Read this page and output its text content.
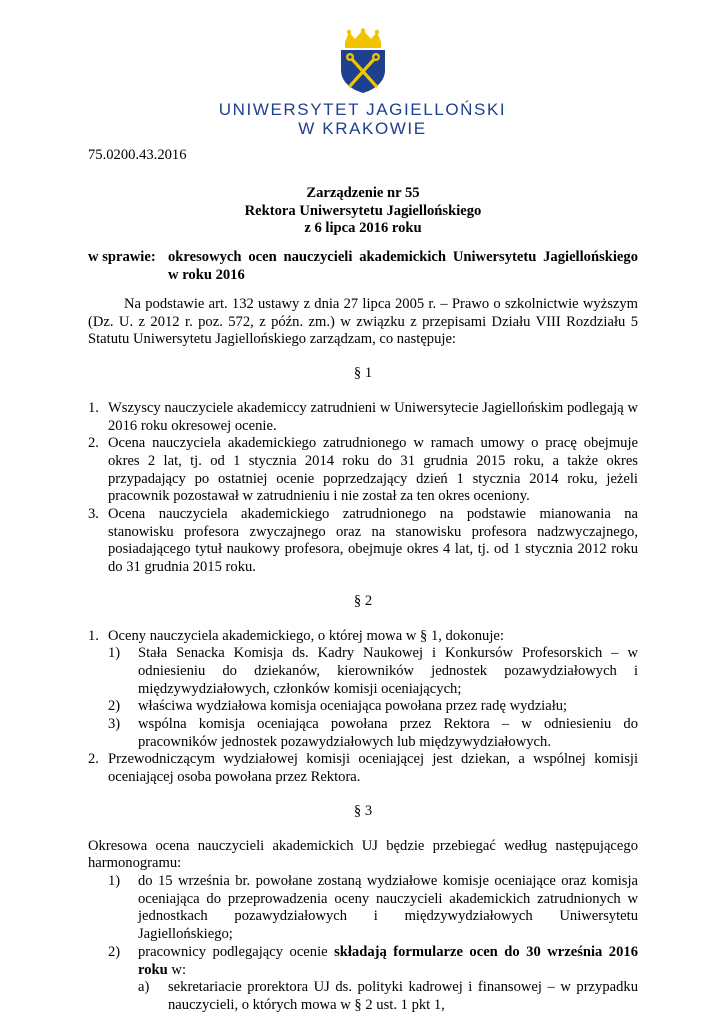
UNIWERSYTET JAGIELLOŃSKI
W KRAKOWIE
75.0200.43.2016
Zarządzenie nr 55
Rektora Uniwersytetu Jagiellońskiego
z 6 lipca 2016 roku
w sprawie: okresowych ocen nauczycieli akademickich Uniwersytetu Jagiellońskiego
w roku 2016

Na podstawie art. 132 ustawy z dnia 27 lipca 2005 r. – Prawo o szkolnictwie wyższym (Dz. U. z 2012 r. poz. 572, z późn. zm.) w związku z przepisami Działu VIII Rozdziału 5 Statutu Uniwersytetu Jagiellońskiego zarządzam, co następuje:

§ 1
1. Wszyscy nauczyciele akademiccy zatrudnieni w Uniwersytecie Jagiellońskim podlegają w 2016 roku okresowej ocenie.
2. Ocena nauczyciela akademickiego zatrudnionego w ramach umowy o pracę obejmuje okres 2 lat, tj. od 1 stycznia 2014 roku do 31 grudnia 2015 roku, a także okres przypadający po ostatniej ocenie poprzedzający dzień 1 stycznia 2014 roku, jeżeli pracownik pozostawał w zatrudnieniu i nie został za ten okres oceniony.
3. Ocena nauczyciela akademickiego zatrudnionego na podstawie mianowania na stanowisku profesora zwyczajnego oraz na stanowisku profesora nadzwyczajnego, posiadającego tytuł naukowy profesora, obejmuje okres 4 lat, tj. od 1 stycznia 2012 roku do 31 grudnia 2015 roku.
§ 2
1. Oceny nauczyciela akademickiego, o której mowa w § 1, dokonuje:
1) Stała Senacka Komisja ds. Kadry Naukowej i Konkursów Profesorskich – w odniesieniu do dziekanów, kierowników jednostek pozawydziałowych i międzywydziałowych, członków komisji oceniających;
2) właściwa wydziałowa komisja oceniająca powołana przez radę wydziału;
3) wspólna komisja oceniająca powołana przez Rektora – w odniesieniu do pracowników jednostek pozawydziałowych lub międzywydziałowych.
2. Przewodniczącym wydziałowej komisji oceniającej jest dziekan, a wspólnej komisji oceniającej osoba powołana przez Rektora.
§ 3

Okresowa ocena nauczycieli akademickich UJ będzie przebiegać według następującego harmonogramu:

1) do 15 września br. powołane zostaną wydziałowe komisje oceniające oraz komisja oceniająca do przeprowadzenia oceny nauczycieli akademickich zatrudnionych w jednostkach pozawydziałowych i międzywydziałowych Uniwersytetu Jagiellońskiego;
2) pracownicy podlegający ocenie składają formularze ocen do 30 września 2016 roku w:
a) sekretariacie prorektora UJ ds. polityki kadrowej i finansowej – w przypadku nauczycieli, o których mowa w § 2 ust. 1 pkt 1,
